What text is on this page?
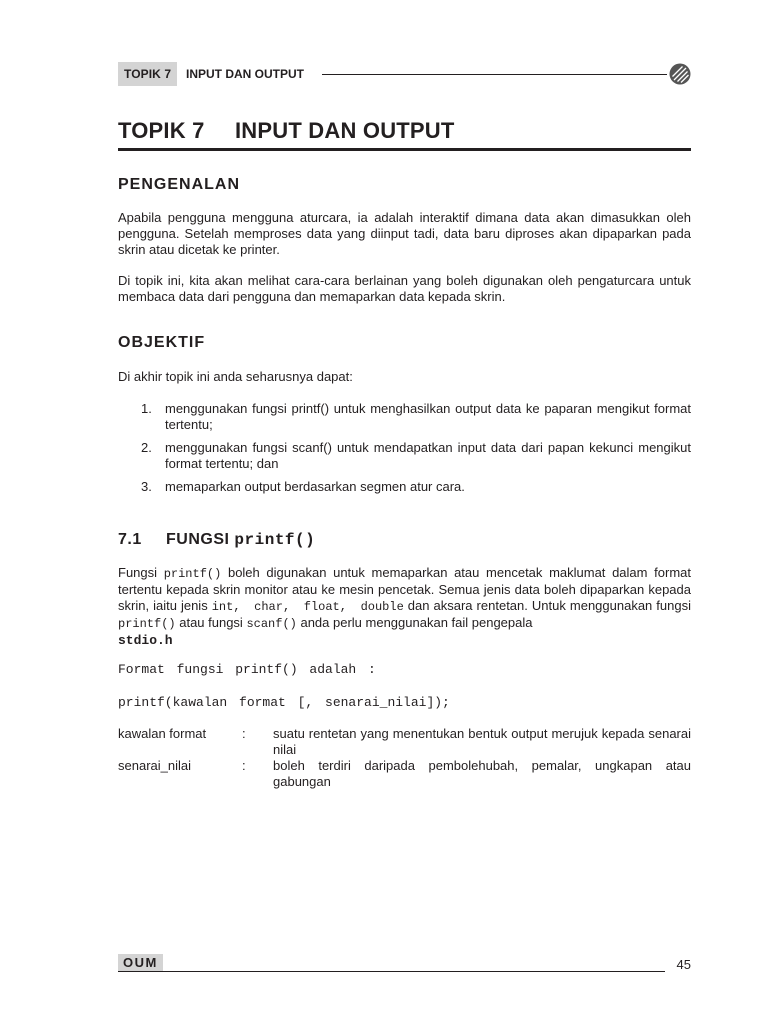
TOPIK 7	INPUT DAN OUTPUT
TOPIK 7 INPUT DAN OUTPUT
PENGENALAN

Apabila pengguna mengguna aturcara, ia adalah interaktif dimana data akan dimasukkan oleh pengguna. Setelah memproses data yang diinput tadi, data baru diproses akan dipaparkan pada skrin atau dicetak ke printer.

Di topik ini, kita akan melihat cara-cara berlainan yang boleh digunakan oleh pengaturcara untuk membaca data dari pengguna dan memaparkan data kepada skrin.

OBJEKTIF

Di akhir topik ini anda seharusnya dapat:

1. menggunakan fungsi printf() untuk menghasilkan output data ke paparan mengikut format tertentu;
2. menggunakan fungsi scanf() untuk mendapatkan input data dari papan kekunci mengikut format tertentu; dan
3. memaparkan output berdasarkan segmen atur cara.
7.1 FUNGSI printf()

Fungsi printf() boleh digunakan untuk memaparkan atau mencetak maklumat dalam format tertentu kepada skrin monitor atau ke mesin pencetak. Semua jenis data boleh dipaparkan kepada skrin, iaitu jenis int, char, float, double dan aksara rentetan. Untuk menggunakan fungsi printf() atau fungsi scanf() anda perlu menggunakan fail pengepala
stdio.h

Format fungsi printf() adalah :
printf(kawalan format [, senarai_nilai]);
kawalan format	: suatu rentetan yang menentukan bentuk output merujuk kepada senarai nilai
senarai_nilai	: boleh terdiri daripada pembolehubah, pemalar, ungkapan atau gabungan
OUM	45
